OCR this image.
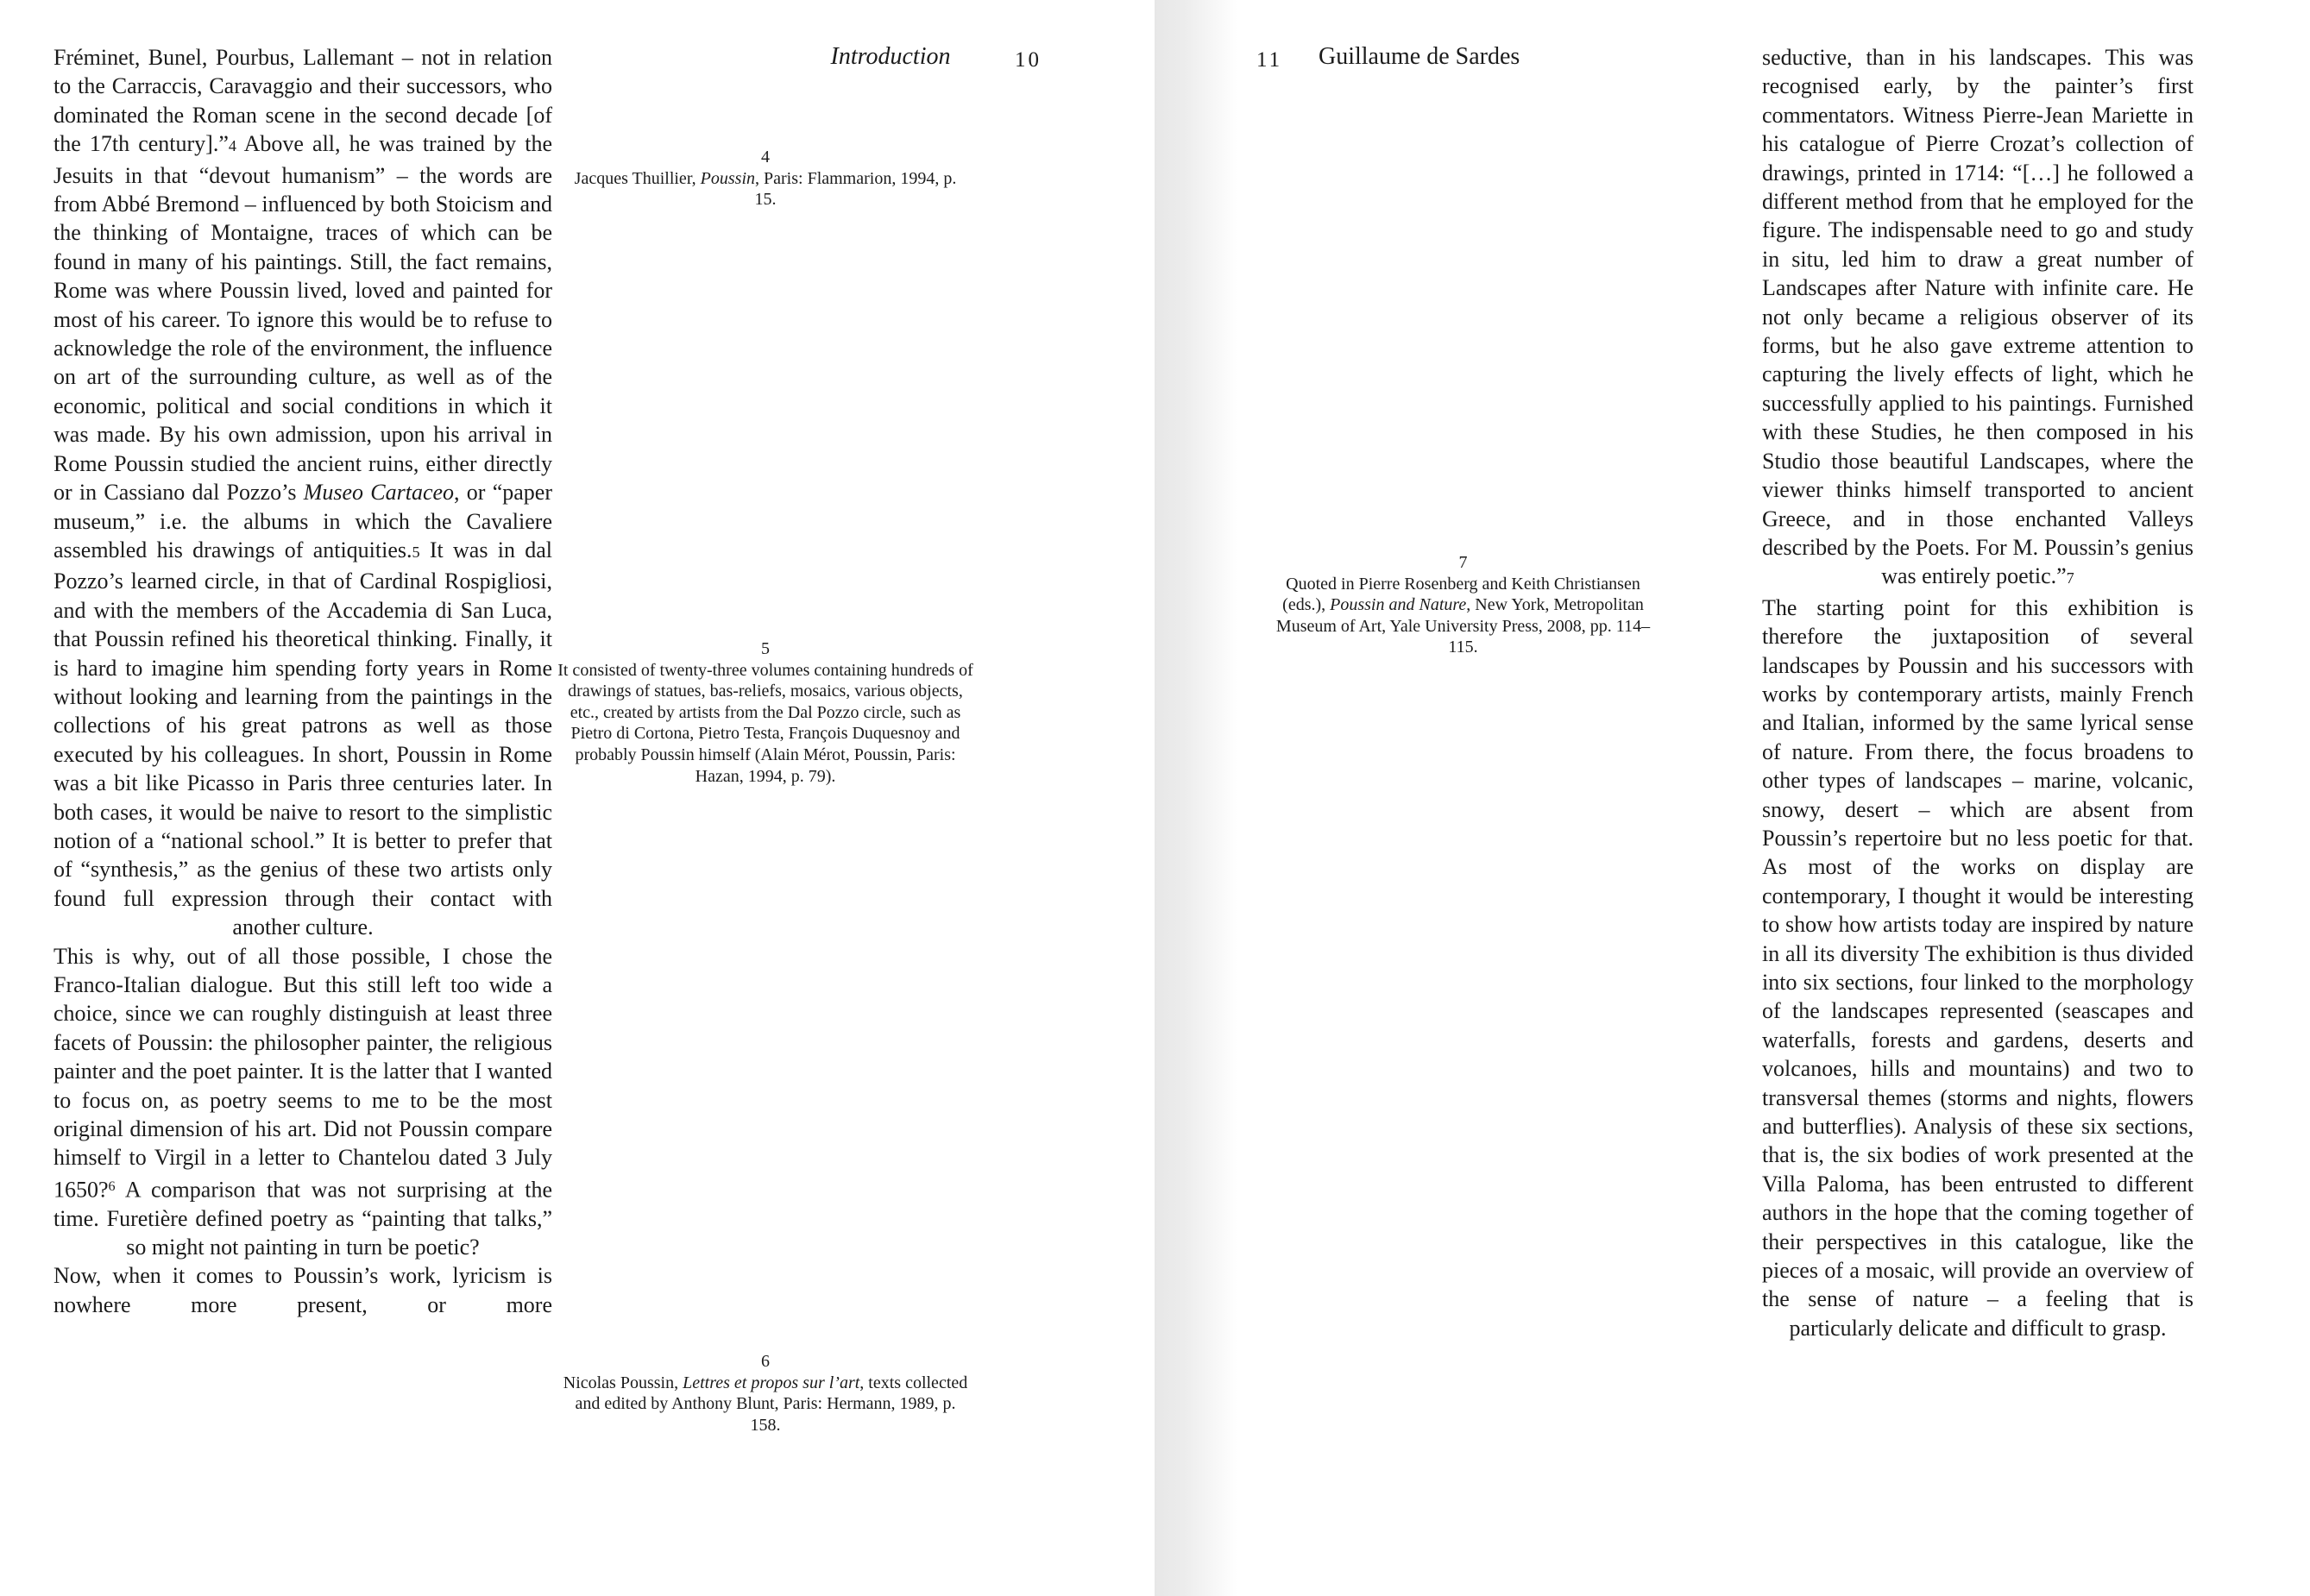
Introduction	10	11 Guillaume de Sardes

Fréminet, Bunel, Pourbus, Lallemant – not in relation to the Carraccis, Caravaggio and their successors, who dominated the Roman scene in the second decade [of the 17th century].”4 Above all, he was trained by the Jesuits in that “devout humanism” – the words are from Abbé Bremond – influenced by both Stoicism and the thinking of Montaigne, traces of which can be found in many of his paintings. Still, the fact remains, Rome was where Poussin lived, loved and painted for most of his career. To ignore this would be to refuse to acknowledge the role of the environment, the influence on art of the surrounding culture, as well as of the economic, political and social conditions in which it was made. By his own admission, upon his arrival in Rome Poussin studied the ancient ruins, either directly or in Cassiano dal Pozzo’s Museo Cartaceo, or “paper museum,” i.e. the albums in which the Cavaliere assembled his drawings of antiquities.5 It was in dal Pozzo’s learned circle, in that of Cardinal Rospigliosi, and with the members of the Accademia di San Luca, that Poussin refined his theoretical thinking. Finally, it is hard to imagine him spending forty years in Rome without looking and learning from the paintings in the collections of his great patrons as well as those executed by his colleagues. In short, Poussin in Rome was a bit like Picasso in Paris three centuries later. In both cases, it would be naive to resort to the simplistic notion of a “national school.” It is better to prefer that of “synthesis,” as the genius of these two artists only found full expression through their contact with another culture.

This is why, out of all those possible, I chose the Franco-Italian dialogue. But this still left too wide a choice, since we can roughly distinguish at least three facets of Poussin: the philosopher painter, the religious painter and the poet painter. It is the latter that I wanted to focus on, as poetry seems to me to be the most original dimension of his art. Did not Poussin compare himself to Virgil in a letter to Chantelou dated 3 July 1650?$^6$ A comparison that was not surprising at the time. Furetière defined poetry as “painting that talks,” so might not painting in turn be poetic?

Now, when it comes to Poussin’s work, lyricism is nowhere more present, or more

4
Jacques Thuillier, Poussin, Paris: Flammarion, 1994, p. 15.
5
It consisted of twenty-three volumes containing hundreds of drawings of statues, bas-reliefs, mosaics, various objects, etc., created by artists from the Dal Pozzo circle, such as Pietro di Cortona, Pietro Testa, François Duquesnoy and probably Poussin himself (Alain Mérot, Poussin, Paris: Hazan, 1994, p. 79).
6
Nicolas Poussin, Lettres et propos sur l’art, texts collected and edited by Anthony Blunt, Paris: Hermann, 1989, p. 158.
7
Quoted in Pierre Rosenberg and Keith Christiansen (eds.), Poussin and Nature, New York, Metropolitan Museum of Art, Yale University Press, 2008, pp. 114–115.

seductive, than in his landscapes. This was recognised early, by the painter’s first commentators. Witness Pierre-Jean Mariette in his catalogue of Pierre Crozat’s collection of drawings, printed in 1714: “[…] he followed a different method from that he employed for the figure. The indispensable need to go and study in situ, led him to draw a great number of Landscapes after Nature with infinite care. He not only became a religious observer of its forms, but he also gave extreme attention to capturing the lively effects of light, which he successfully applied to his paintings. Furnished with these Studies, he then composed in his Studio those beautiful Landscapes, where the viewer thinks himself transported to ancient Greece, and in those enchanted Valleys described by the Poets. For M. Poussin’s genius was entirely poetic.”7

The starting point for this exhibition is therefore the juxtaposition of several landscapes by Poussin and his successors with works by contemporary artists, mainly French and Italian, informed by the same lyrical sense of nature. From there, the focus broadens to other types of landscapes – marine, volcanic, snowy, desert – which are absent from Poussin’s repertoire but no less poetic for that. As most of the works on display are contemporary, I thought it would be interesting to show how artists today are inspired by nature in all its diversity The exhibition is thus divided into six sections, four linked to the morphology of the landscapes represented (seascapes and waterfalls, forests and gardens, deserts and volcanoes, hills and mountains) and two to transversal themes (storms and nights, flowers and butterflies). Analysis of these six sections, that is, the six bodies of work presented at the Villa Paloma, has been entrusted to different authors in the hope that the coming together of their perspectives in this catalogue, like the pieces of a mosaic, will provide an overview of the sense of nature – a feeling that is particularly delicate and difficult to grasp.
